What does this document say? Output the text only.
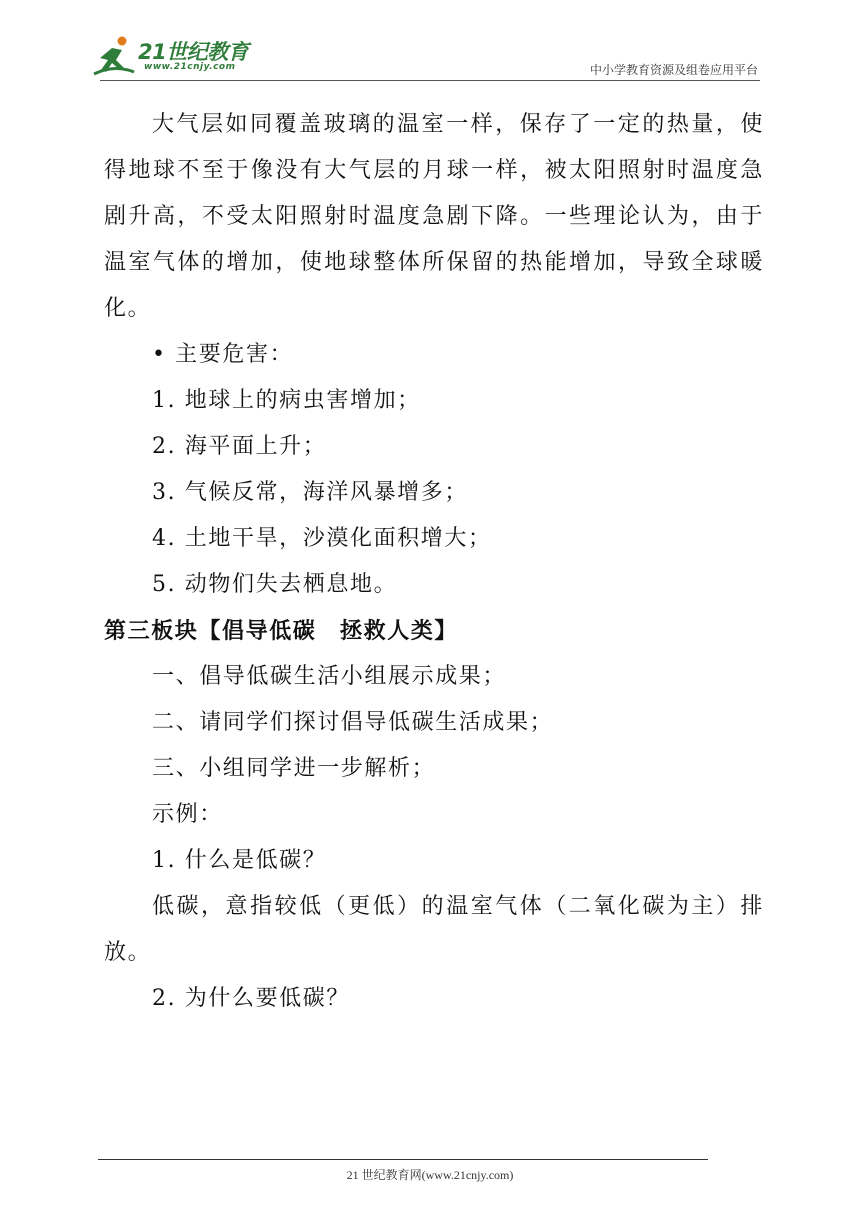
21世纪教育
www.21cnjy.com	中小学教育资源及组卷应用平台

大气层如同覆盖玻璃的温室一样，保存了一定的热量，使得地球不至于像没有大气层的月球一样，被太阳照射时温度急剧升高，不受太阳照射时温度急剧下降。一些理论认为，由于温室气体的增加，使地球整体所保留的热能增加，导致全球暖化。

• 主要危害：

1. 地球上的病虫害增加；

2. 海平面上升；

3. 气候反常，海洋风暴增多；

4. 土地干旱，沙漠化面积增大；

5. 动物们失去栖息地。

第三板块【倡导低碳　拯救人类】

一、倡导低碳生活小组展示成果；

二、请同学们探讨倡导低碳生活成果；

三、小组同学进一步解析；

示例：

1. 什么是低碳？

低碳，意指较低（更低）的温室气体（二氧化碳为主）排放。

2. 为什么要低碳？

21 世纪教育网(www.21cnjy.com)
